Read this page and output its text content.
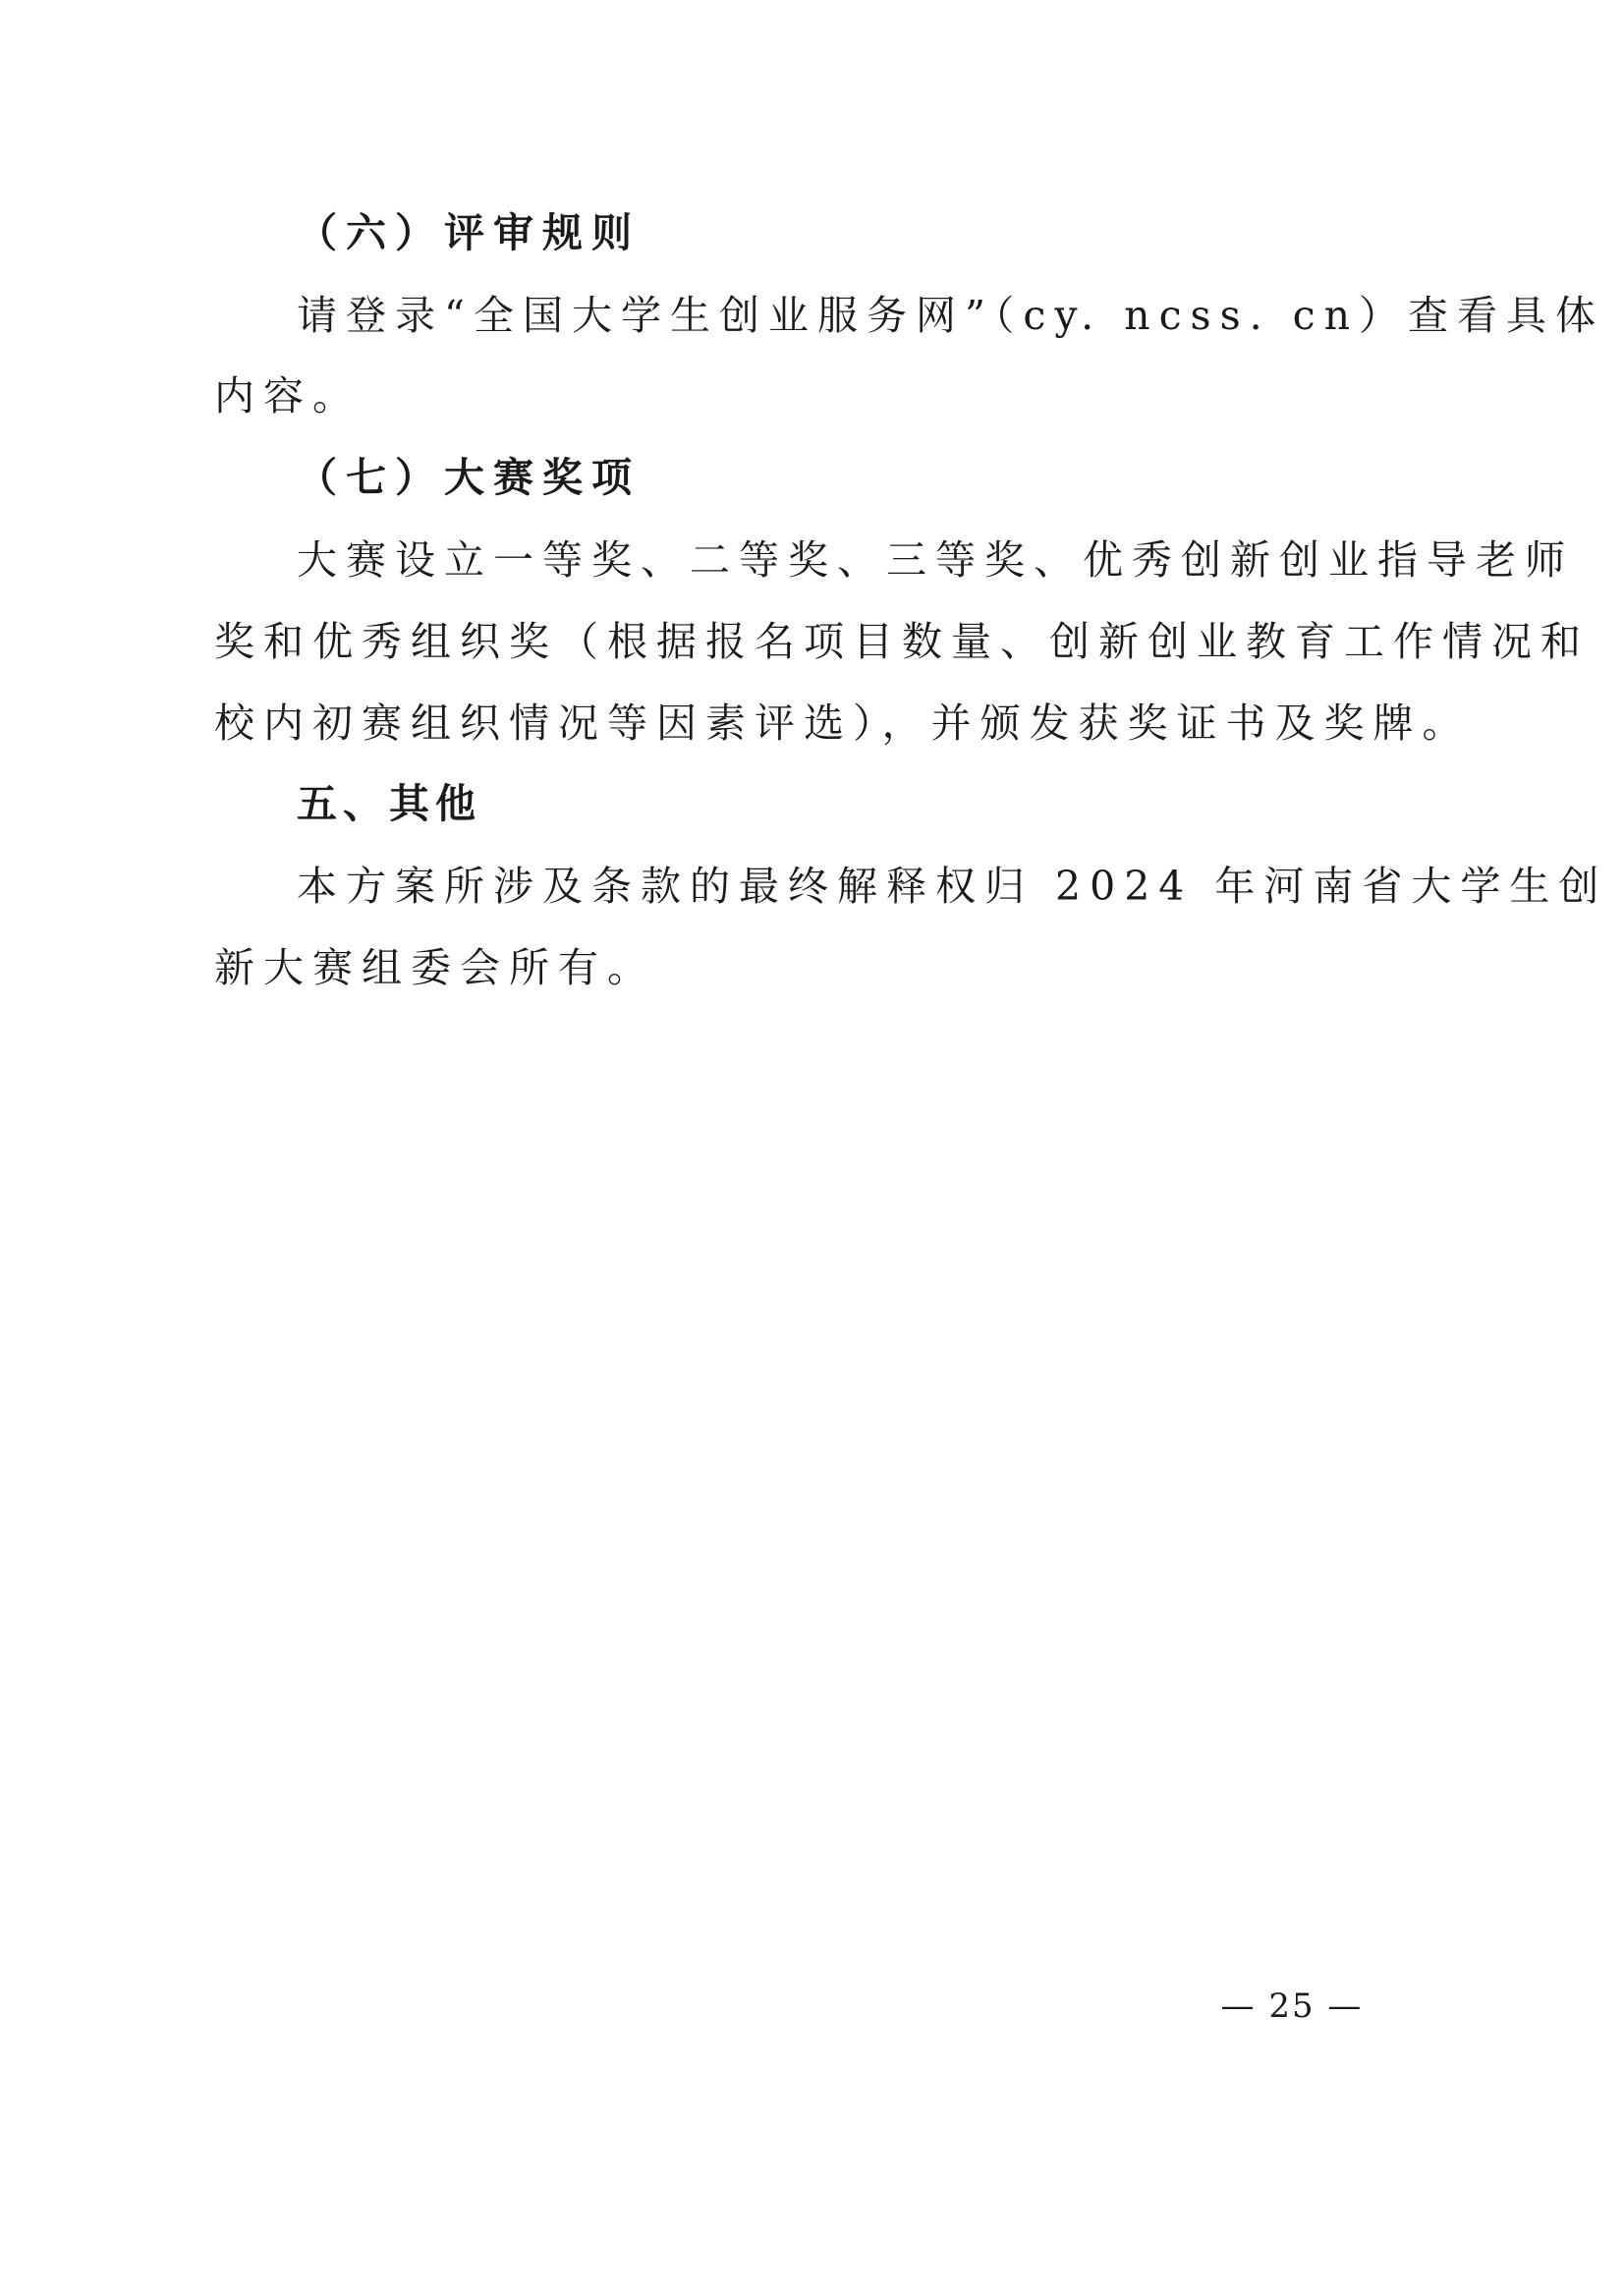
（六）评审规则
请登录“全国大学生创业服务网”（cy. ncss. cn）查看具体
内容。
（七）大赛奖项
大赛设立一等奖、二等奖、三等奖、优秀创新创业指导老师
奖和优秀组织奖（根据报名项目数量、创新创业教育工作情况和
校内初赛组织情况等因素评选），并颁发获奖证书及奖牌。
五、其他
本方案所涉及条款的最终解释权归 2024 年河南省大学生创
新大赛组委会所有。
— 25 —
